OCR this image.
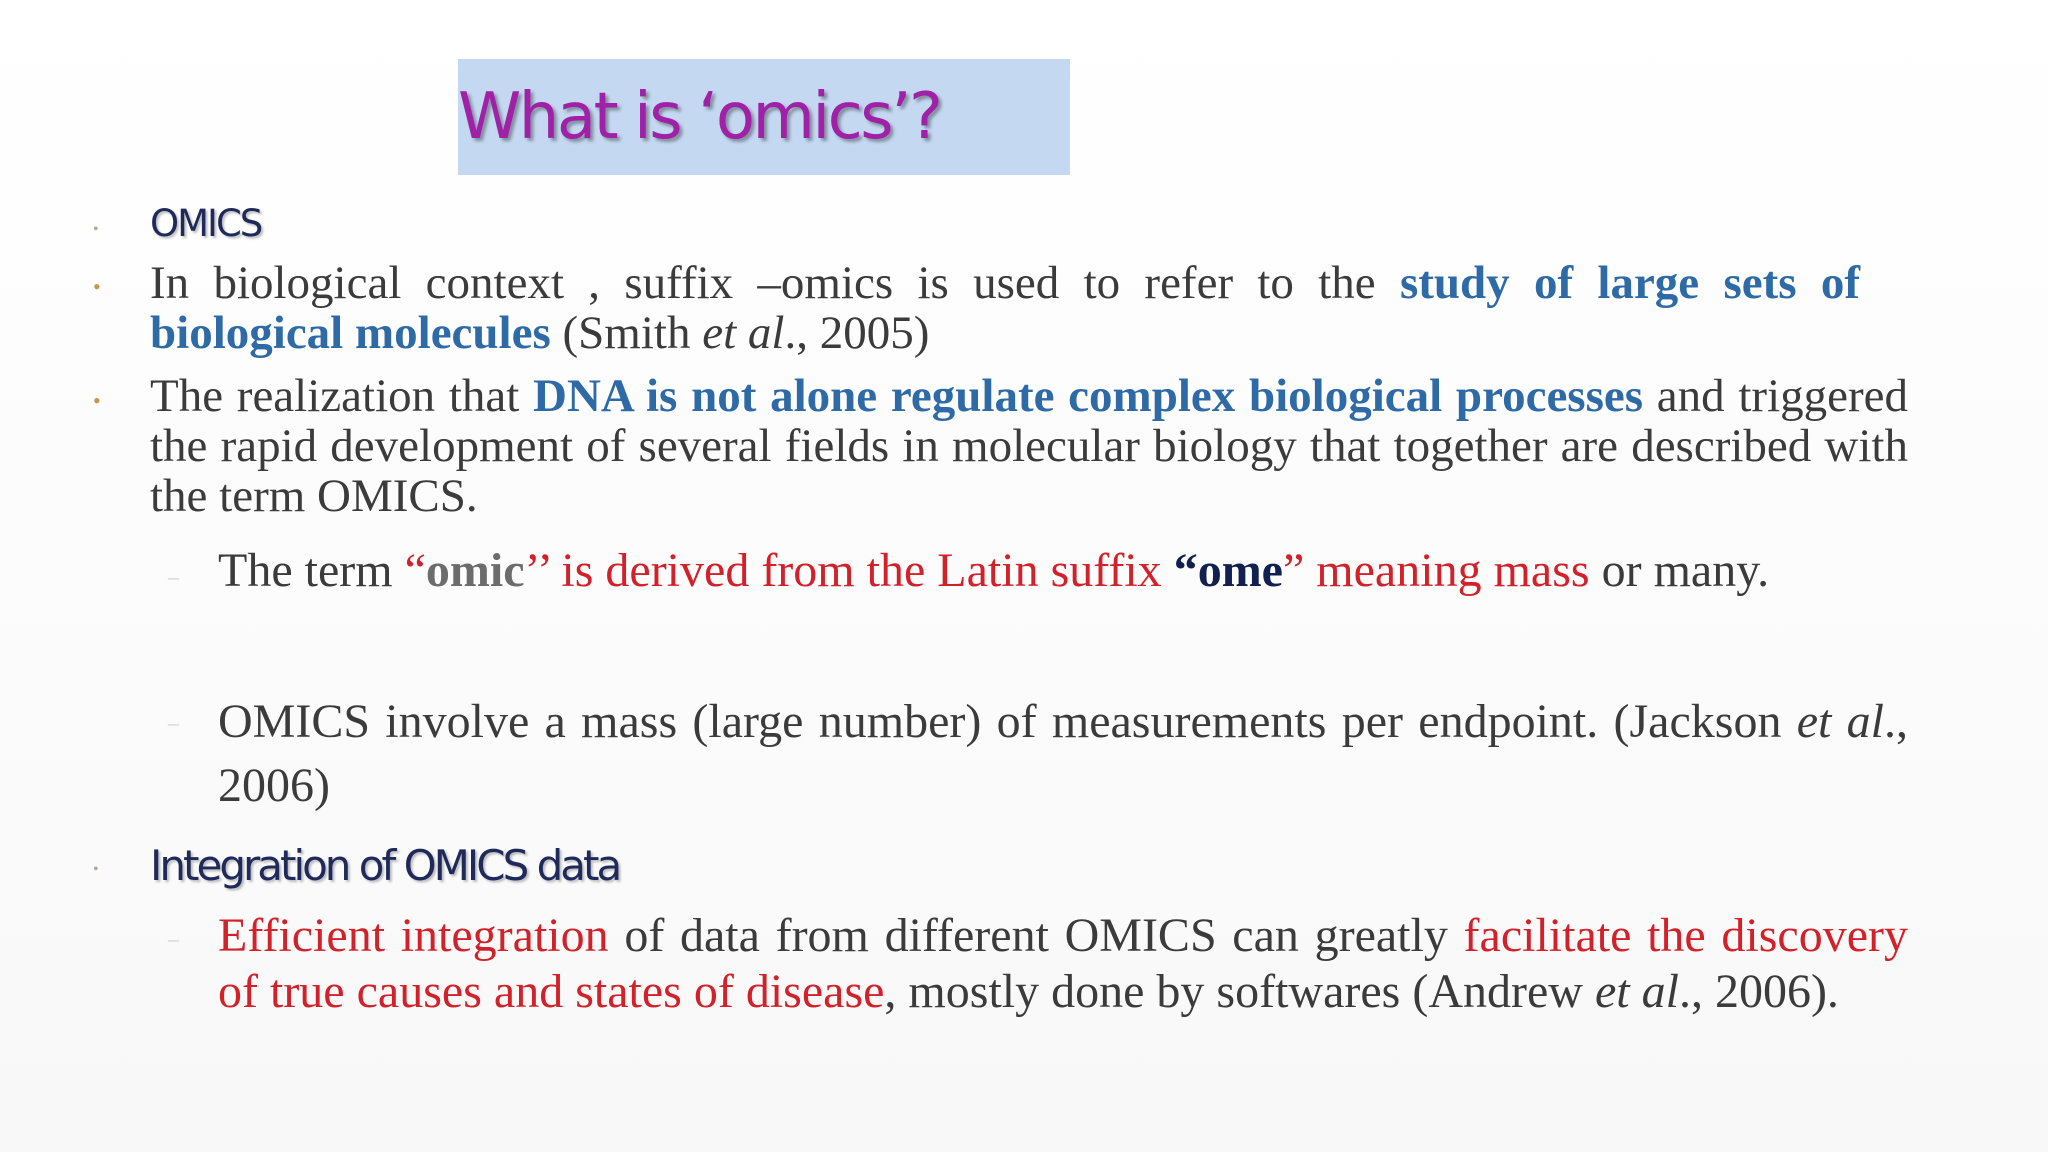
What is ‘omics’?
• OMICS
• In biological context , suffix –omics is used to refer to the study of large sets of biological molecules (Smith et al., 2005)
• The realization that DNA is not alone regulate complex biological processes and triggered the rapid development of several fields in molecular biology that together are described with the term OMICS.
– The term “omic’’ is derived from the Latin suffix “ome” meaning mass or many.
– OMICS involve a mass (large number) of measurements per endpoint. (Jackson et al., 2006)
• Integration of OMICS data
– Efficient integration of data from different OMICS can greatly facilitate the discovery of true causes and states of disease, mostly done by softwares (Andrew et al., 2006).
